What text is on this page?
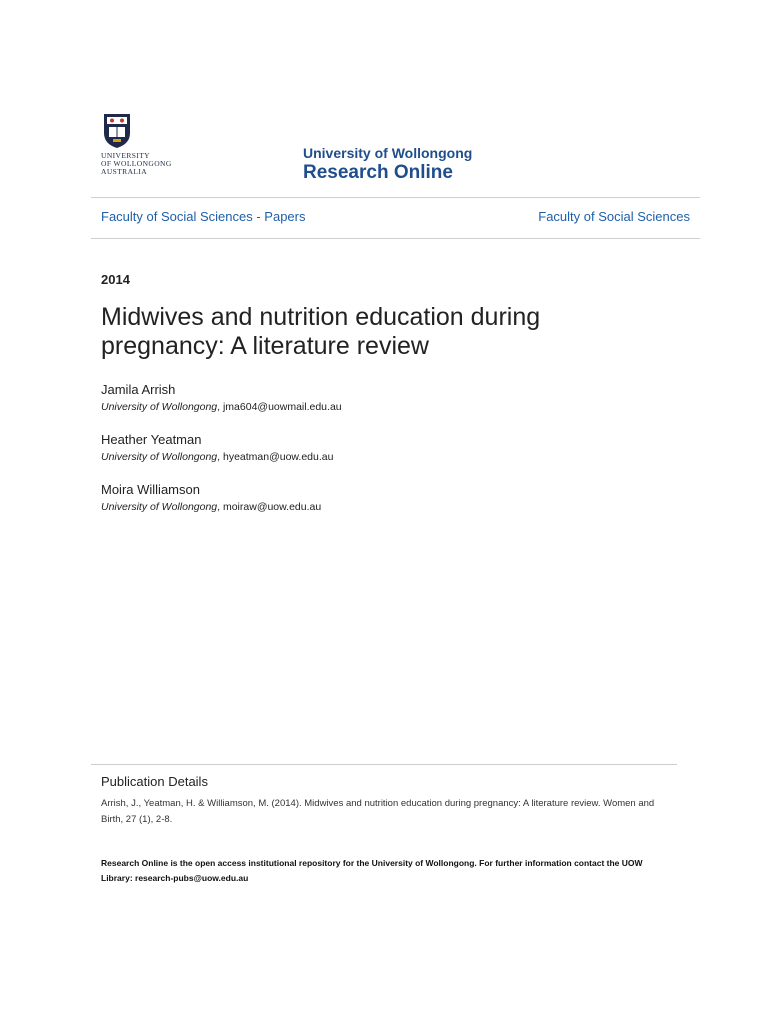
UNIVERSITY
OF WOLLONGONG
AUSTRALIA
University of Wollongong
Research Online
Faculty of Social Sciences - Papers	Faculty of Social Sciences
2014
Midwives and nutrition education during pregnancy: A literature review
Jamila Arrish
University of Wollongong, jma604@uowmail.edu.au
Heather Yeatman
University of Wollongong, hyeatman@uow.edu.au
Moira Williamson
University of Wollongong, moiraw@uow.edu.au
Publication Details
Arrish, J., Yeatman, H. & Williamson, M. (2014). Midwives and nutrition education during pregnancy: A literature review. Women and Birth, 27 (1), 2-8.
Research Online is the open access institutional repository for the University of Wollongong. For further information contact the UOW Library: research-pubs@uow.edu.au
